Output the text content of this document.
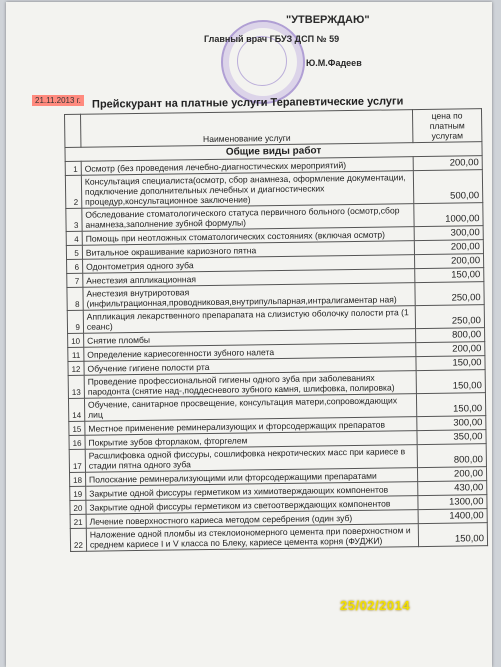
"УТВЕРЖДАЮ"
Главный врач ГБУЗ ДСП № 59
Ю.М.Фадеев
21.11.2013 г. Прейскурант на платные услуги Терапевтические услуги
	Наименование услуги	цена по платным услугам
Общие виды работ		
1	Осмотр (без проведения лечебно-диагностических мероприятий)	200,00
2	Консультация специалиста(осмотр, сбор анамнеза, оформление документации, подключение дополнительных лечебных и диагностических процедур,консультационное заключение)	500,00
3	Обследование стоматологического статуса первичного больного (осмотр,сбор анамнеза,заполнение зубной формулы)	1000,00
4	Помощь при неотложных стоматологических состояниях (включая осмотр)	300,00
5	Витальное окрашивание кариозного пятна	200,00
6	Одонтометрия одного зуба	200,00
7	Анестезия аппликационная	150,00
8	Анестезия внутриротовая (инфильтрационная,проводниковая,внутрипульпарная,интралигаментар ная)	250,00
9	Аппликация лекарственного препарапата на слизистую оболочку полости рта (1 сеанс)	250,00
10	Снятие пломбы	800,00
11	Определение кариесогенности зубного налета	200,00
12	Обучение гигиене полости рта	150,00
13	Проведение профессиональной гигиены одного зуба при заболеваниях пародонта (снятие над-,поддесневого зубного камня, шлифовка, полировка)	150,00
14	Обучение, санитарное просвещение, консультация матери,сопровождающих лиц	150,00
15	Местное применение реминерализующих и фторсодержащих препаратов	300,00
16	Покрытие зубов фторлаком, фторгелем	350,00
17	Расшлифовка одной фиссуры, сошлифовка некротических масс при кариесе в стадии пятна одного зуба	800,00
18	Полоскание реминерализующими или фторсодержащими препаратами	200,00
19	Закрытие одной фиссуры герметиком из химиотверждающих компонентов	430,00
20	Закрытие одной фиссуры герметиком из светоотверждающих компонентов	1300,00
21	Лечение поверхностного кариеса методом серебрения (один зуб)	1400,00
22	Наложение одной пломбы из стеклоиономерного цемента при поверхностном и среднем кариесе I и V класса по Блеку, кариесе цемента корня (ФУДЖИ)	150,00
25/02/2014
